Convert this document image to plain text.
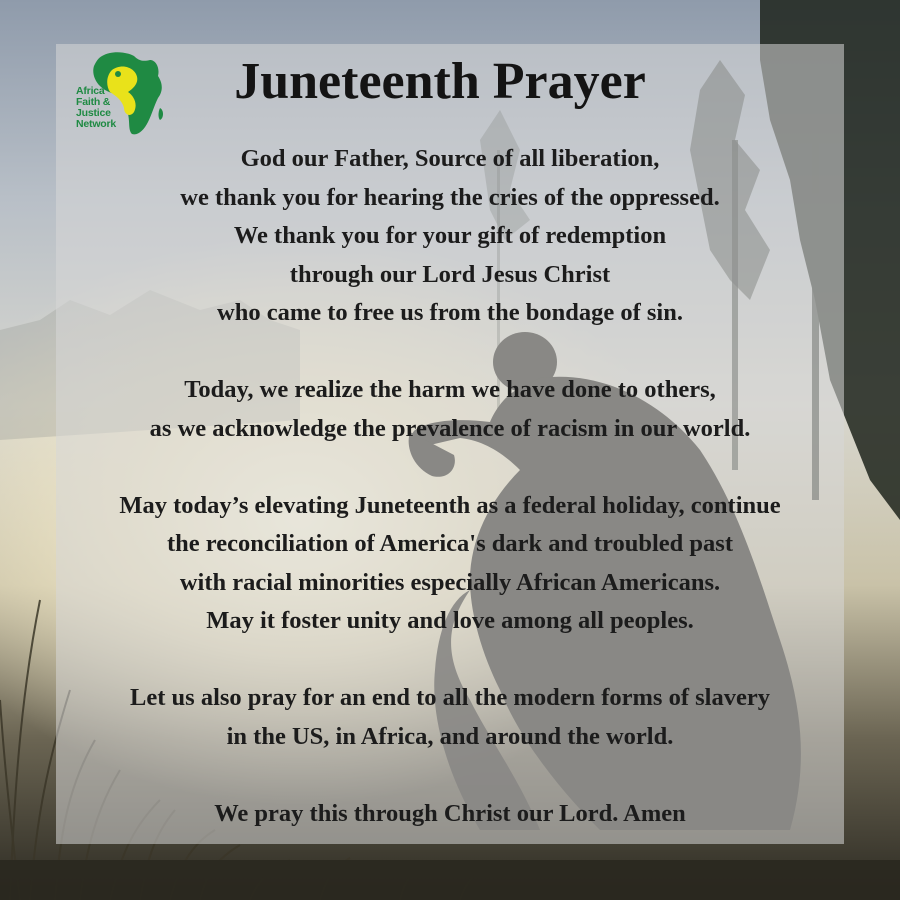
Africa
Faith &
Justice
Network
Juneteenth Prayer
God our Father, Source of all liberation,
we thank you for hearing the cries of the oppressed.
We thank you for your gift of redemption
through our Lord Jesus Christ
who came to free us from the bondage of sin.
Today, we realize the harm we have done to others,
as we acknowledge the prevalence of racism in our world.
May today’s elevating Juneteenth as a federal holiday, continue
the reconciliation of America's dark and troubled past
with racial minorities especially African Americans.
May it foster unity and love among all peoples.
Let us also pray for an end to all the modern forms of slavery
in the US, in Africa, and around the world.
We pray this through Christ our Lord. Amen
